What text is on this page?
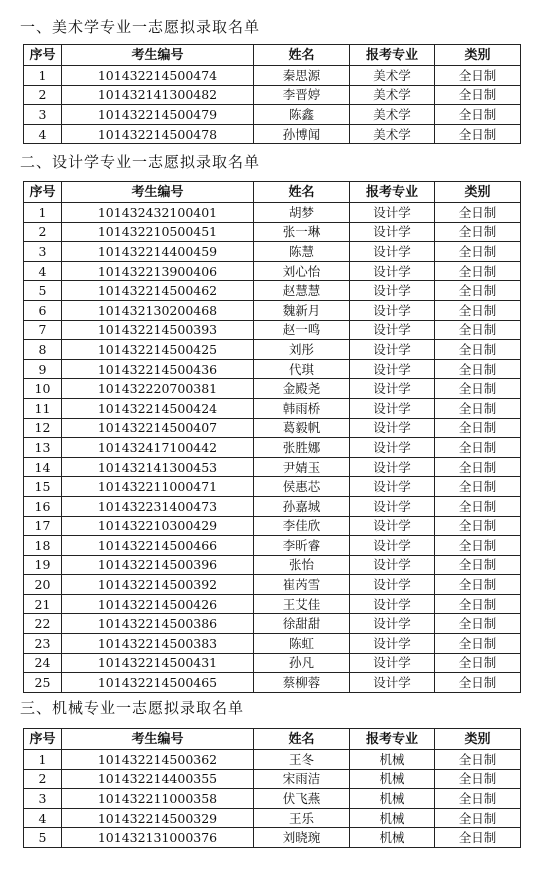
一、美术学专业一志愿拟录取名单
序号	考生编号	姓名	报考专业	类别
1	101432214500474	秦思源	美术学	全日制
2	101432141300482	李晋婷	美术学	全日制
3	101432214500479	陈鑫	美术学	全日制
4	101432214500478	孙博闻	美术学	全日制
二、设计学专业一志愿拟录取名单
序号	考生编号	姓名	报考专业	类别
1	101432432100401	胡梦	设计学	全日制
2	101432210500451	张一琳	设计学	全日制
3	101432214400459	陈慧	设计学	全日制
4	101432213900406	刘心怡	设计学	全日制
5	101432214500462	赵慧慧	设计学	全日制
6	101432130200468	魏新月	设计学	全日制
7	101432214500393	赵一鸣	设计学	全日制
8	101432214500425	刘彤	设计学	全日制
9	101432214500436	代琪	设计学	全日制
10	101432220700381	金殿尧	设计学	全日制
11	101432214500424	韩雨桥	设计学	全日制
12	101432214500407	葛毅帆	设计学	全日制
13	101432417100442	张胜娜	设计学	全日制
14	101432141300453	尹婧玉	设计学	全日制
15	101432211000471	侯惠芯	设计学	全日制
16	101432231400473	孙嘉城	设计学	全日制
17	101432210300429	李佳欣	设计学	全日制
18	101432214500466	李昕睿	设计学	全日制
19	101432214500396	张怡	设计学	全日制
20	101432214500392	崔芮雪	设计学	全日制
21	101432214500426	王艾佳	设计学	全日制
22	101432214500386	徐甜甜	设计学	全日制
23	101432214500383	陈虹	设计学	全日制
24	101432214500431	孙凡	设计学	全日制
25	101432214500465	蔡柳蓉	设计学	全日制
三、机械专业一志愿拟录取名单
序号	考生编号	姓名	报考专业	类别
1	101432214500362	王冬	机械	全日制
2	101432214400355	宋雨洁	机械	全日制
3	101432211000358	伏飞燕	机械	全日制
4	101432214500329	王乐	机械	全日制
5	101432131000376	刘晓琬	机械	全日制
